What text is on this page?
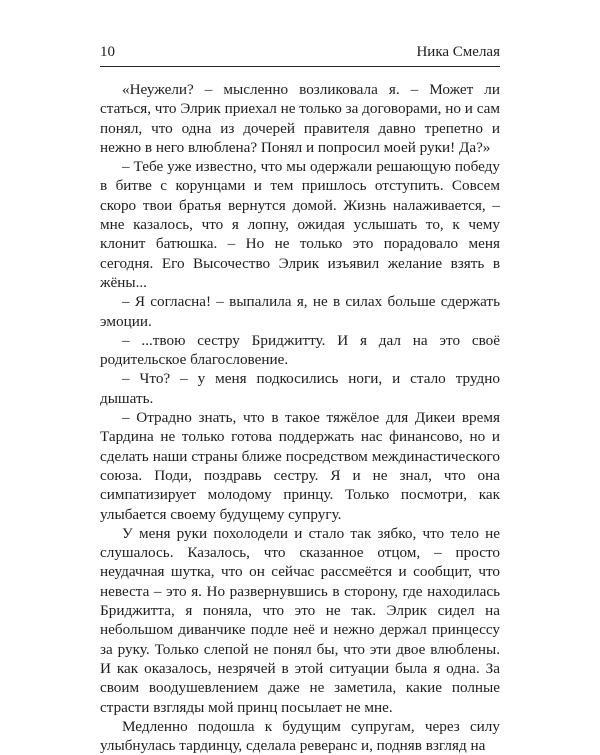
10	Ника Смелая

«Неужели? – мысленно возликовала я. – Может ли статься, что Элрик приехал не только за договорами, но и сам понял, что одна из дочерей правителя давно трепетно и нежно в него влюблена? Понял и попросил моей руки! Да?»

– Тебе уже известно, что мы одержали решающую победу в битве с корунцами и тем пришлось отступить. Совсем скоро твои братья вернутся домой. Жизнь налаживается, – мне казалось, что я лопну, ожидая услышать то, к чему клонит батюшка. – Но не только это порадовало меня сегодня. Его Высочество Элрик изъявил желание взять в жёны...

– Я согласна! – выпалила я, не в силах больше сдержать эмоции.

– ...твою сестру Бриджитту. И я дал на это своё родительское благословение.

– Что? – у меня подкосились ноги, и стало трудно дышать.

– Отрадно знать, что в такое тяжёлое для Дикеи время Тардина не только готова поддержать нас финансово, но и сделать наши страны ближе посредством междинастического союза. Поди, поздравь сестру. Я и не знал, что она симпатизирует молодому принцу. Только посмотри, как улыбается своему будущему супругу.

У меня руки похолодели и стало так зябко, что тело не слушалось. Казалось, что сказанное отцом, – просто неудачная шутка, что он сейчас рассмеётся и сообщит, что невеста – это я. Но развернувшись в сторону, где находилась Бриджитта, я поняла, что это не так. Элрик сидел на небольшом диванчике подле неё и нежно держал принцессу за руку. Только слепой не понял бы, что эти двое влюблены. И как оказалось, незрячей в этой ситуации была я одна. За своим воодушевлением даже не заметила, какие полные страсти взгляды мой принц посылает не мне.

Медленно подошла к будущим супругам, через силу улыбнулась тардинцу, сделала реверанс и, подняв взгляд на
